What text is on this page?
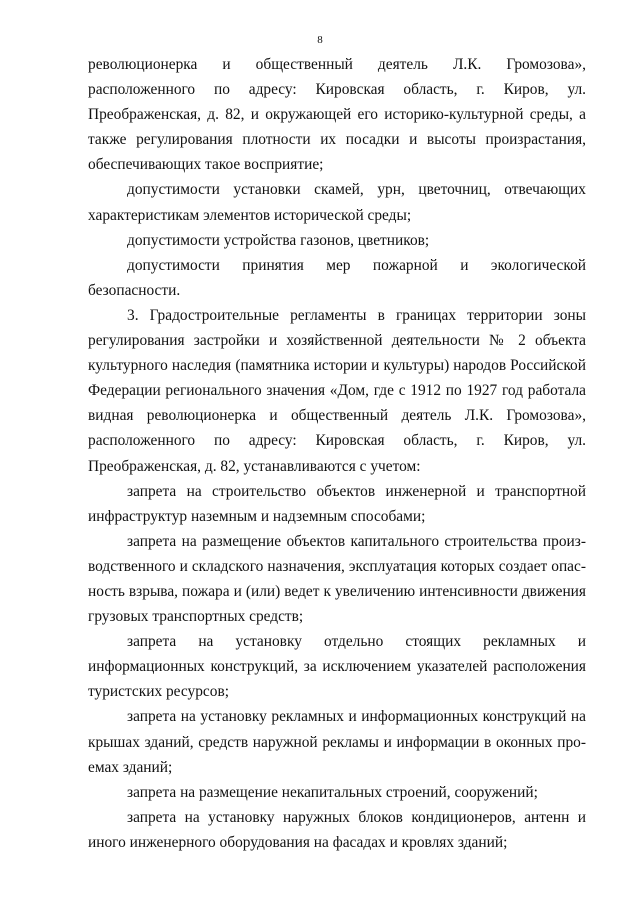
8

революционерка и общественный деятель Л.К. Громозова», расположенного по адресу: Кировская область, г. Киров, ул. Преображенская, д. 82, и окружающей его историко-культурной среды, а также регулирования плотности их посадки и высоты произрастания, обеспечивающих такое восприятие;

допустимости установки скамей, урн, цветочниц, отвечающих характеристикам элементов исторической среды;

допустимости устройства газонов, цветников;

допустимости принятия мер пожарной и экологической безопасности.

3. Градостроительные регламенты в границах территории зоны регулирования застройки и хозяйственной деятельности № 2 объекта культурного наследия (памятника истории и культуры) народов Российской Федерации регионального значения «Дом, где с 1912 по 1927 год работала видная революционерка и общественный деятель Л.К. Громозова», расположенного по адресу: Кировская область, г. Киров, ул. Преображенская, д. 82, устанавливаются с учетом:

запрета на строительство объектов инженерной и транспортной инфраструктур наземным и надземным способами;

запрета на размещение объектов капитального строительства производственного и складского назначения, эксплуатация которых создает опасность взрыва, пожара и (или) ведет к увеличению интенсивности движения грузовых транспортных средств;

запрета на установку отдельно стоящих рекламных и информационных конструкций, за исключением указателей расположения туристских ресурсов;

запрета на установку рекламных и информационных конструкций на крышах зданий, средств наружной рекламы и информации в оконных проемах зданий;

запрета на размещение некапитальных строений, сооружений;

запрета на установку наружных блоков кондиционеров, антенн и иного инженерного оборудования на фасадах и кровлях зданий;
